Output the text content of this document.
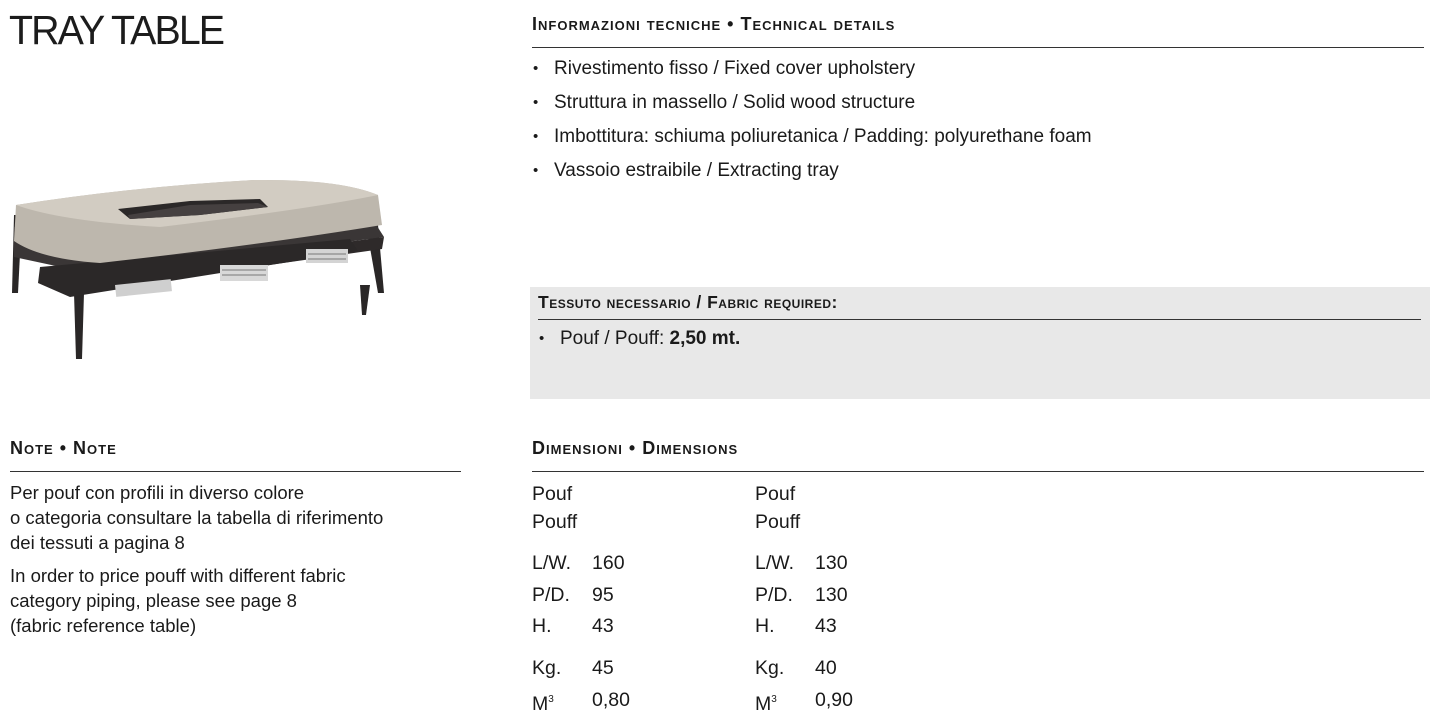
TRAY TABLE	Informazioni tecniche • Technical details
• Rivestimento fisso / Fixed cover upholstery
• Struttura in massello / Solid wood structure
• Imbottitura: schiuma poliuretanica / Padding: polyurethane foam
• Vassoio estraibile / Extracting tray
Tessuto necessario / Fabric required:
• Pouf / Pouff: 2,50 mt.
Note • Note

Per pouf con profili in diverso colore
o categoria consultare la tabella di riferimento
dei tessuti a pagina 8

In order to price pouff with different fabric
category piping, please see page 8
(fabric reference table)

Dimensioni • Dimensions
Pouf
Pouff
L/W. 160
P/D. 95
H. 43
Kg. 45
$M^3$ 0,80
Pouf
Pouff
L/W. 130
P/D. 130
H. 43
Kg. 40
$M^3$ 0,90
